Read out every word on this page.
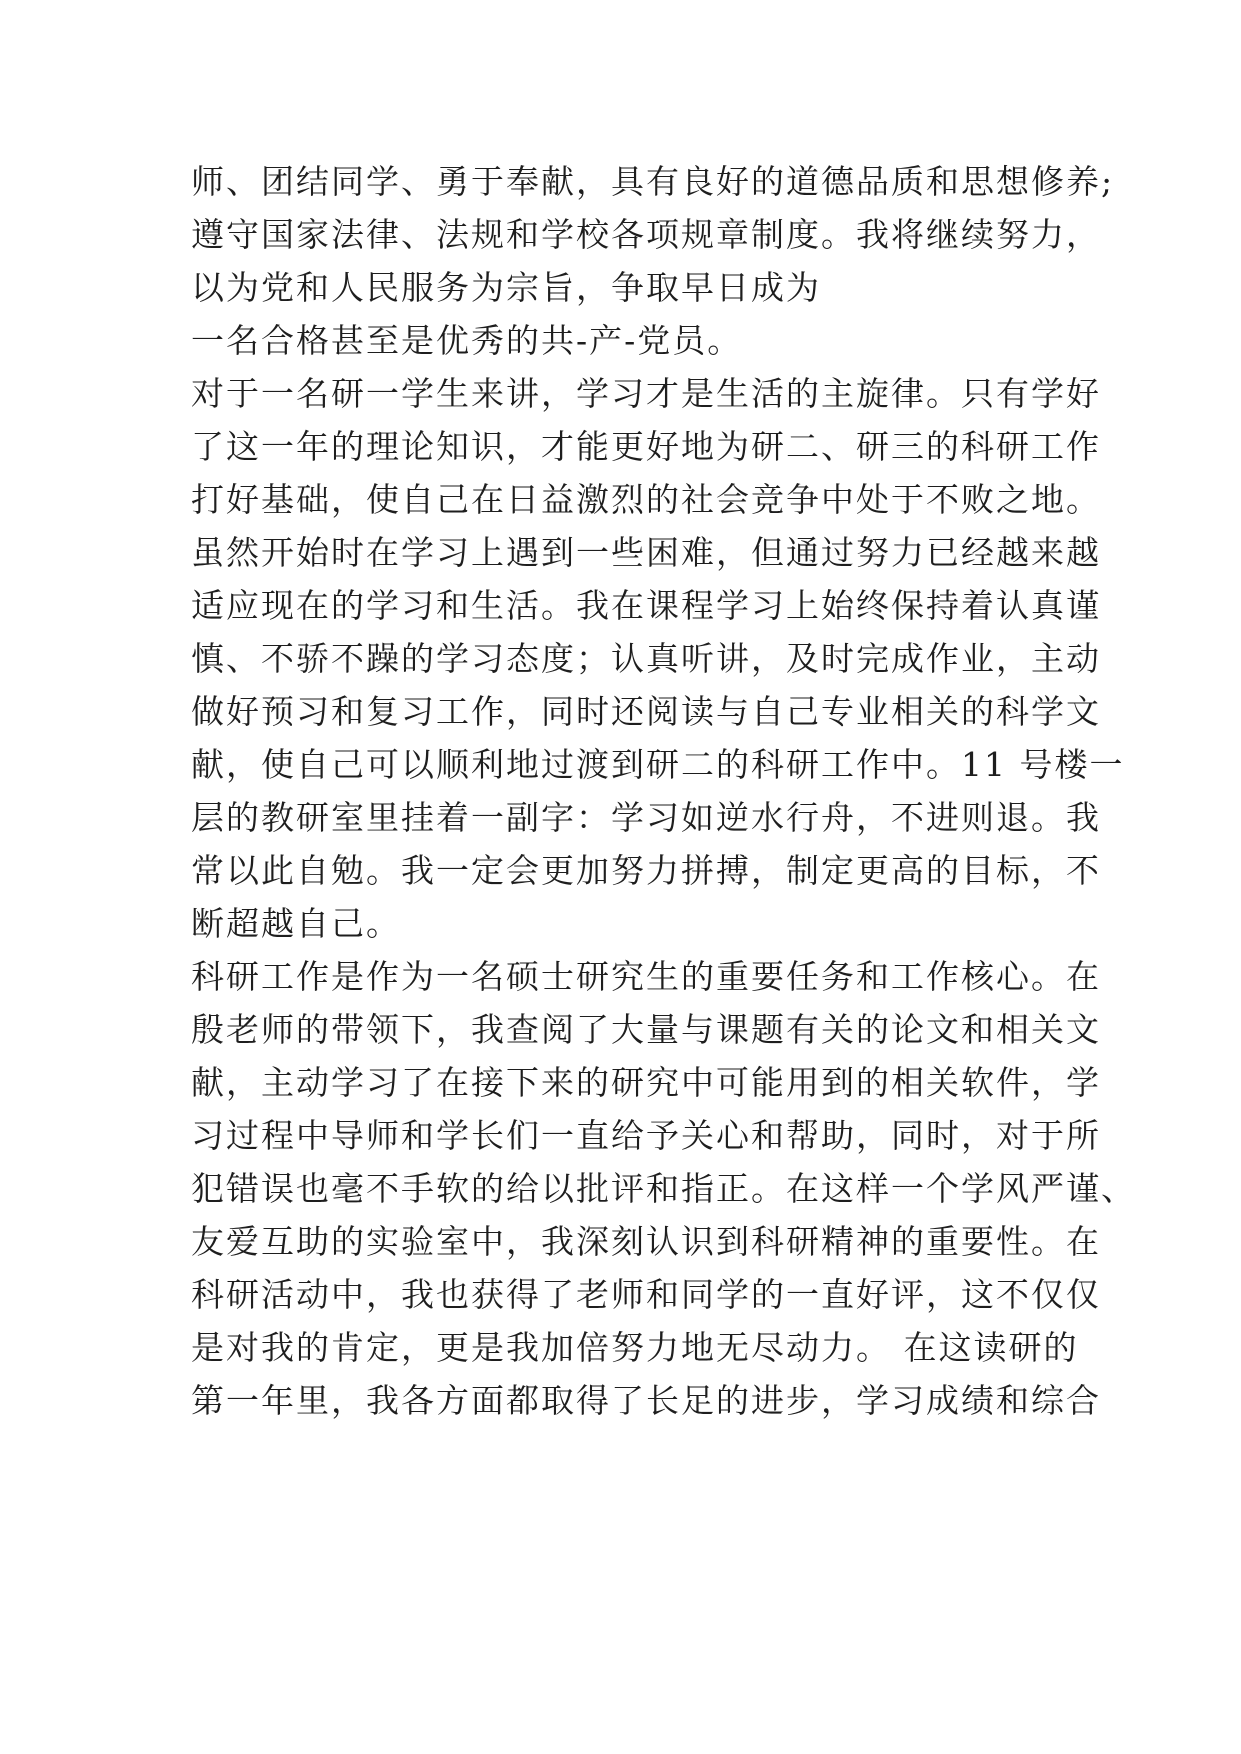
师、团结同学、勇于奉献，具有良好的道德品质和思想修养;
遵守国家法律、法规和学校各项规章制度。我将继续努力，
以为党和人民服务为宗旨，争取早日成为
一名合格甚至是优秀的共-产-党员。
对于一名研一学生来讲，学习才是生活的主旋律。只有学好
了这一年的理论知识，才能更好地为研二、研三的科研工作
打好基础，使自己在日益激烈的社会竞争中处于不败之地。
虽然开始时在学习上遇到一些困难，但通过努力已经越来越
适应现在的学习和生活。我在课程学习上始终保持着认真谨
慎、不骄不躁的学习态度；认真听讲，及时完成作业，主动
做好预习和复习工作，同时还阅读与自己专业相关的科学文
献，使自己可以顺利地过渡到研二的科研工作中。11 号楼一
层的教研室里挂着一副字：学习如逆水行舟，不进则退。我
常以此自勉。我一定会更加努力拼搏，制定更高的目标，不
断超越自己。
科研工作是作为一名硕士研究生的重要任务和工作核心。在
殷老师的带领下，我查阅了大量与课题有关的论文和相关文
献，主动学习了在接下来的研究中可能用到的相关软件，学
习过程中导师和学长们一直给予关心和帮助，同时，对于所
犯错误也毫不手软的给以批评和指正。在这样一个学风严谨、
友爱互助的实验室中，我深刻认识到科研精神的重要性。在
科研活动中，我也获得了老师和同学的一直好评，这不仅仅
是对我的肯定，更是我加倍努力地无尽动力。 在这读研的
第一年里，我各方面都取得了长足的进步，学习成绩和综合
